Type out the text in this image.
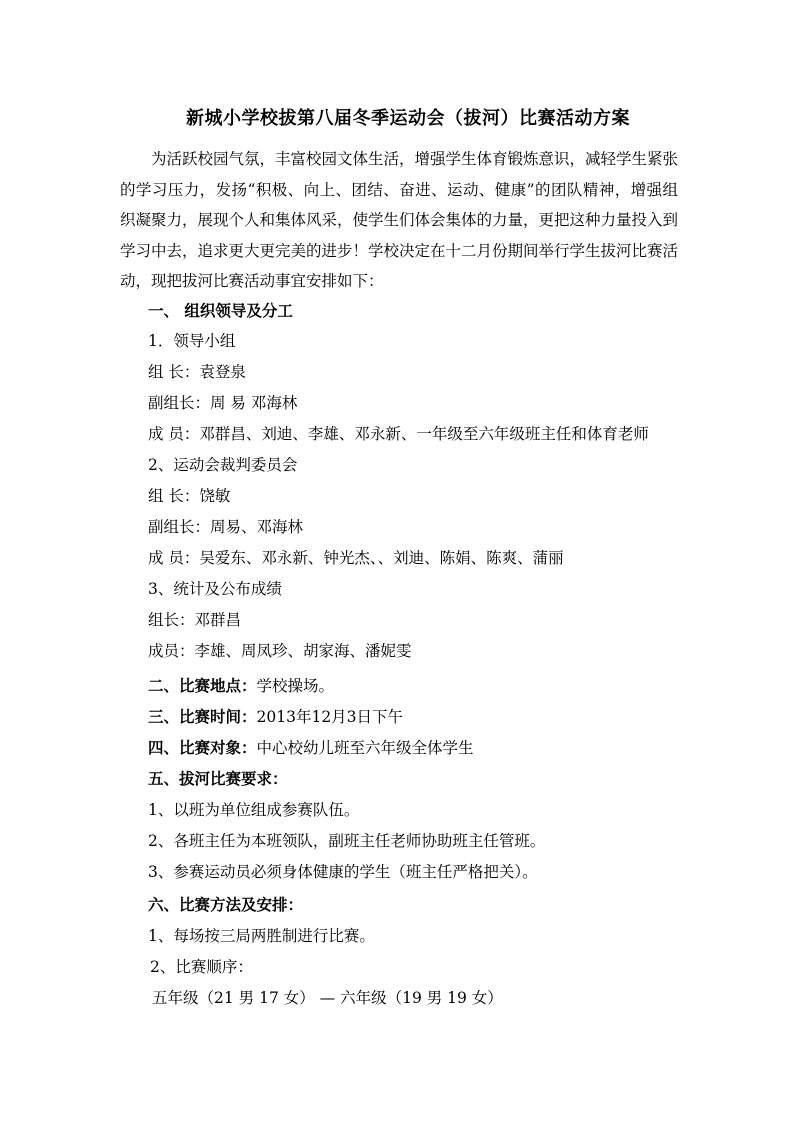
新城小学校拔第八届冬季运动会（拔河）比赛活动方案

为活跃校园气氛，丰富校园文体生活，增强学生体育锻炼意识，减轻学生紧张的学习压力，发扬“积极、向上、团结、奋进、运动、健康”的团队精神，增强组织凝聚力，展现个人和集体风采，使学生们体会集体的力量，更把这种力量投入到学习中去，追求更大更完美的进步！学校决定在十二月份期间举行学生拔河比赛活动，现把拔河比赛活动事宜安排如下：

一、 组织领导及分工
1．领导小组
组 长：袁登泉
副组长：周 易 邓海林
成 员：邓群昌、刘迪、李雄、邓永新、一年级至六年级班主任和体育老师
2、运动会裁判委员会
组 长：饶敏
副组长：周易、邓海林
成 员：吴爱东、邓永新、钟光杰、、刘迪、陈娟、陈爽、蒲丽
3、统计及公布成绩
组长：邓群昌
成员：李雄、周凤珍、胡家海、潘妮雯
二、比赛地点：学校操场。
三、比赛时间：2013年12月3日下午
四、比赛对象：中心校幼儿班至六年级全体学生
五、拔河比赛要求：
1、以班为单位组成参赛队伍。
2、各班主任为本班领队，副班主任老师协助班主任管班。
3、参赛运动员必须身体健康的学生（班主任严格把关）。
六、比赛方法及安排：
1、每场按三局两胜制进行比赛。
2、比赛顺序：
五年级（21 男 17 女） — 六年级（19 男 19 女）
